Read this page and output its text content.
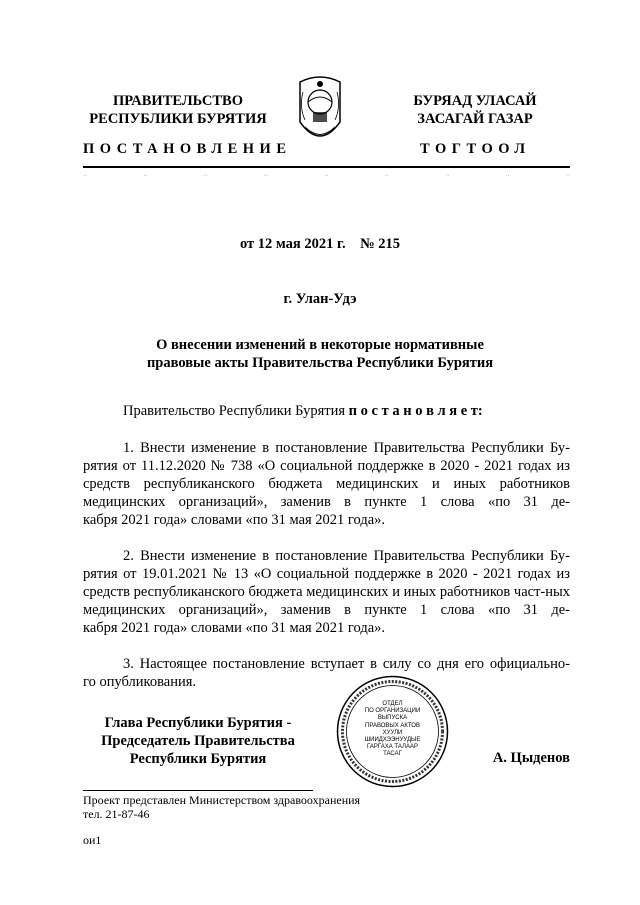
ПРАВИТЕЛЬСТВО
РЕСПУБЛИКИ БУРЯТИЯ
БУРЯАД УЛАСАЙ
ЗАСАГАЙ ГАЗАР
ПОСТАНОВЛЕНИЕ	ТОГТООЛ
··	··	··	··	··	··	··	··	··
от 12 мая 2021 г.    № 215
г. Улан-Удэ
О внесении изменений в некоторые нормативные
правовые акты Правительства Республики Бурятия
Правительство Республики Бурятия п о с т а н о в л я е т:
1. Внести изменение в постановление Правительства Республики Бу-
рятия от 11.12.2020 № 738 «О социальной поддержке в 2020 - 2021 годах из средств республиканского бюджета медицинских и иных работников медицинских организаций», заменив в пункте 1 слова «по 31 де-
кабря 2021 года» словами «по 31 мая 2021 года».
2. Внести изменение в постановление Правительства Республики Бу-
рятия от 19.01.2021 № 13 «О социальной поддержке в 2020 - 2021 годах из средств республиканского бюджета медицинских и иных работников част-ных медицинских организаций», заменив в пункте 1 слова «по 31 де-
кабря 2021 года» словами «по 31 мая 2021 года».
3. Настоящее постановление вступает в силу со дня его официально-
го опубликования.
ОТДЕЛ
ПО ОРГАНИЗАЦИИ
ВЫПУСКА
ПРАВОВЫХ АКТОВ
ХУУЛИ
ШИИДХЭЭНУУДЫЕ
ГАРГАХА ТАЛААР
ТАСАГ
Глава Республики Бурятия -
Председатель Правительства
Республики Бурятия	А. Цыденов
Проект представлен Министерством здравоохранения
тел. 21-87-46
ои1
